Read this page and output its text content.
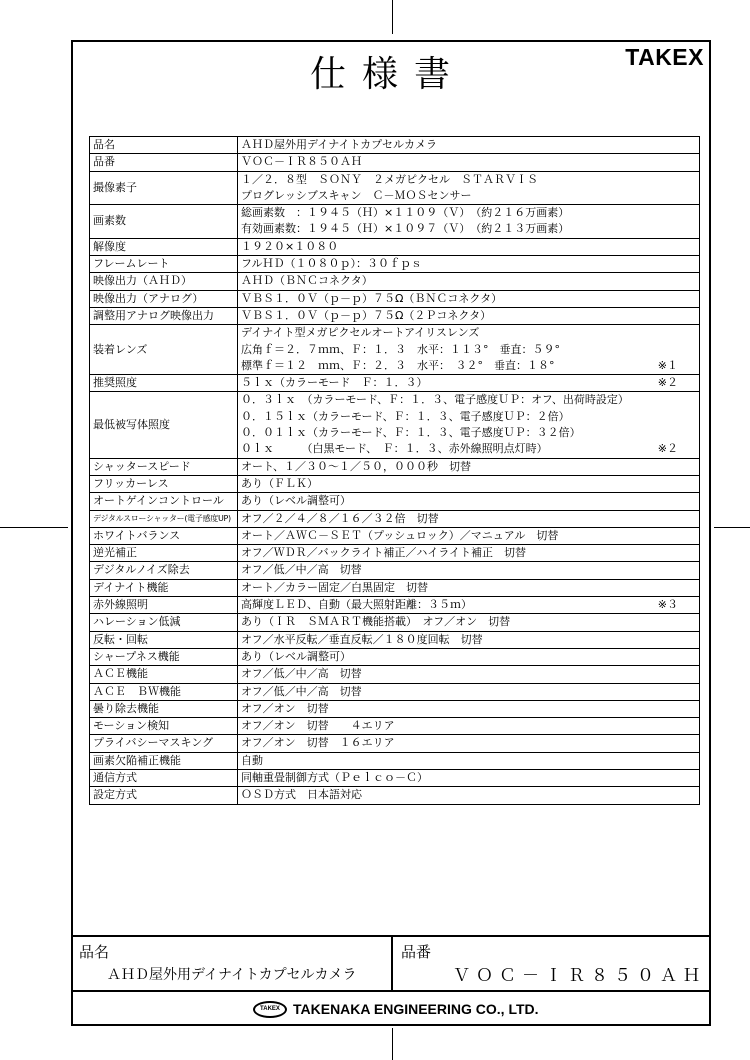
仕様書	TAKEX
品名	ＡＨＤ屋外用デイナイトカプセルカメラ

品番	ＶＯＣ－ＩＲ８５０ＡＨ

撮像素子	１／２．８型　ＳＯＮＹ　２メガピクセル　ＳＴＡＲＶＩＳ
プログレッシブスキャン　Ｃ－ＭＯＳセンサー

画素数	総画素数　：１９４５（Ｈ）×１１０９（Ｖ）　（約２１６万画素）
有効画素数：１９４５（Ｈ）×１０９７（Ｖ）　（約２１３万画素）

解像度	１９２０×１０８０

フレームレート	フルＨＤ（１０８０ｐ）：３０ｆｐｓ

映像出力（ＡＨＤ）	ＡＨＤ（ＢＮＣコネクタ）

映像出力（アナログ）	ＶＢＳ１．０Ｖ（ｐ－ｐ）７５Ω（ＢＮＣコネクタ）

調整用アナログ映像出力	ＶＢＳ１．０Ｖ（ｐ－ｐ）７５Ω（２Ｐコネクタ）

装着レンズ	デイナイト型メガピクセルオートアイリスレンズ
広角ｆ＝２．７ｍｍ、Ｆ：１．３　水平：１１３°　垂直：５９°
標準ｆ＝１２　ｍｍ、Ｆ：２．３　水平：　３２°　垂直：１８° ※１

推奨照度	５ｌｘ（カラーモード　Ｆ：１．３） ※２

最低被写体照度	０．３ｌｘ　（カラーモード、Ｆ：１．３、電子感度ＵＰ：オフ、出荷時設定）
０．１５ｌｘ（カラーモード、Ｆ：１．３、電子感度ＵＰ：２倍）
０．０１ｌｘ（カラーモード、Ｆ：１．３、電子感度ＵＰ：３２倍）
０ｌｘ　　　（白黒モード、　Ｆ：１．３、赤外線照明点灯時） ※２

シャッタースピード	オート、１／３０～１／５０，０００秒　切替

フリッカーレス	あり（ＦＬＫ）

オートゲインコントロール	あり（レベル調整可）

デジタルスローシャッター(電子感度UP)	オフ／２／４／８／１６／３２倍　切替

ホワイトバランス	オート／ＡＷＣ－ＳＥＴ（プッシュロック）／マニュアル　切替

逆光補正	オフ／ＷＤＲ／バックライト補正／ハイライト補正　切替

デジタルノイズ除去	オフ／低／中／高　切替

デイナイト機能	オート／カラー固定／白黒固定　切替

赤外線照明	高輝度ＬＥＤ、自動（最大照射距離：３５ｍ） ※３

ハレーション低減	あり（ＩＲ　ＳＭＡＲＴ機能搭載）　オフ／オン　切替

反転・回転	オフ／水平反転／垂直反転／１８０度回転　切替

シャープネス機能	あり（レベル調整可）

ＡＣＥ機能	オフ／低／中／高　切替

ＡＣＥ　ＢＷ機能	オフ／低／中／高　切替

曇り除去機能	オフ／オン　切替

モーション検知	オフ／オン　切替　　４エリア

プライバシーマスキング	オフ／オン　切替　１６エリア

画素欠陥補正機能	自動

通信方式	同軸重畳制御方式（Ｐｅｌｃｏ－Ｃ）

設定方式	ＯＳＤ方式　日本語対応
品名
ＡＨＤ屋外用デイナイトカプセルカメラ
品番
ＶＯＣ－ＩＲ８５０ＡＨ
TAKEX TAKENAKA ENGINEERING CO., LTD.
